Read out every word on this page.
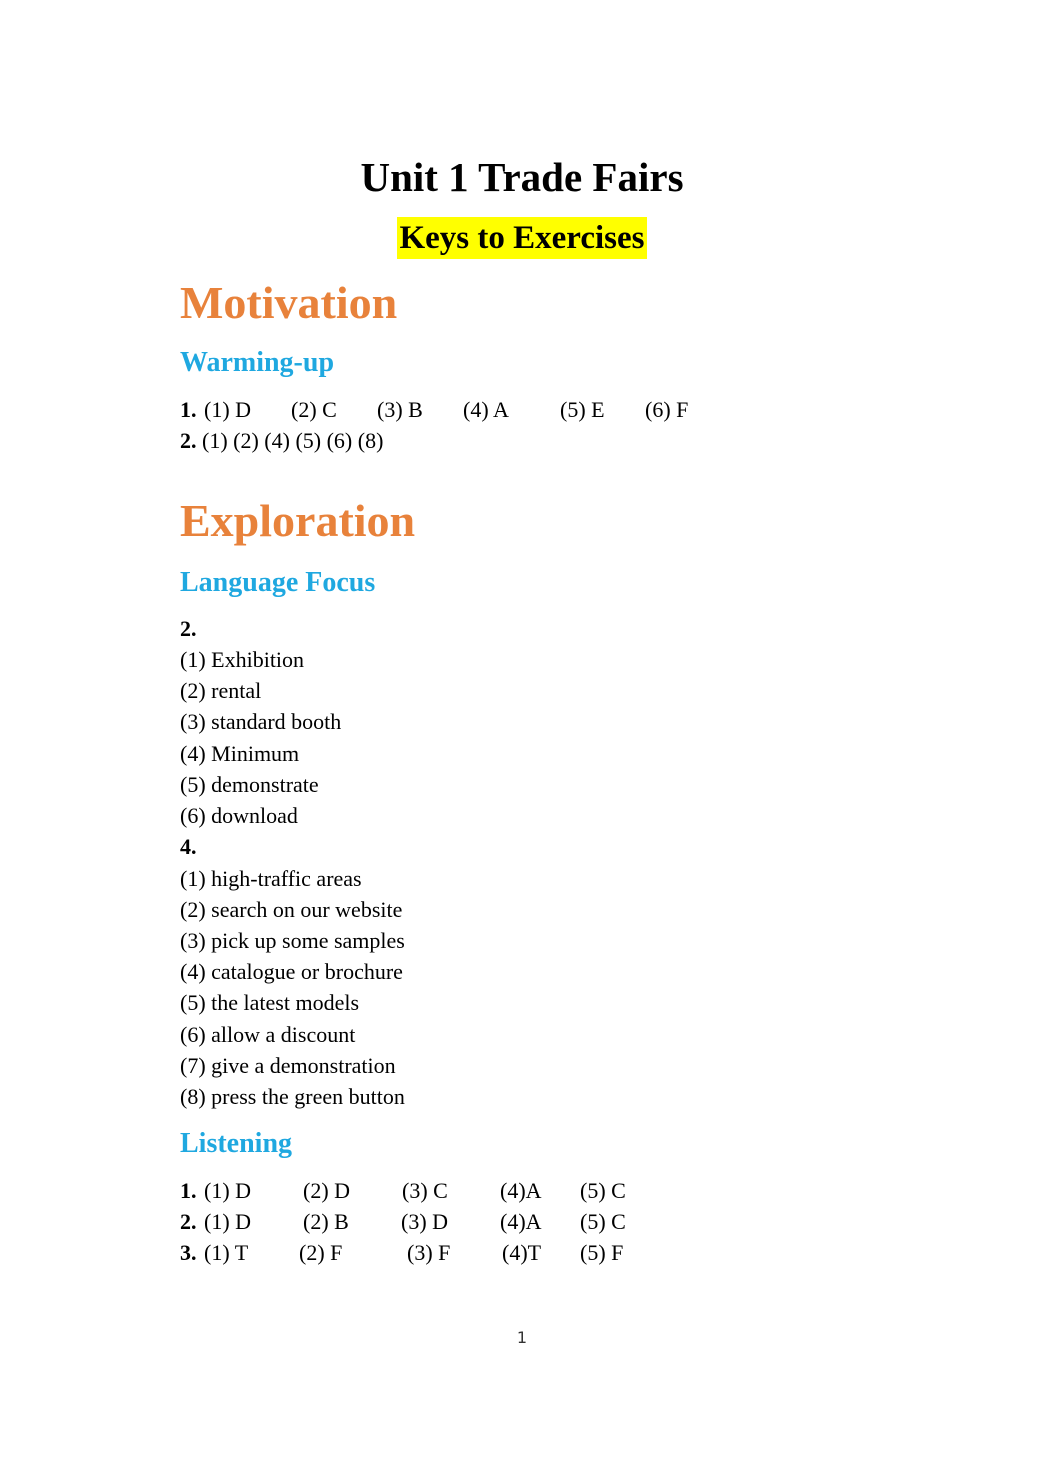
Unit 1 Trade Fairs
Keys to Exercises
Motivation
Warming-up
1. (1) D (2) C (3) B (4) A (5) E (6) F
2. (1) (2) (4) (5) (6) (8)
Exploration
Language Focus
2.
(1) Exhibition
(2) rental
(3) standard booth
(4) Minimum
(5) demonstrate
(6) download
4.
(1) high-traffic areas
(2) search on our website
(3) pick up some samples
(4) catalogue or brochure
(5) the latest models
(6) allow a discount
(7) give a demonstration
(8) press the green button
Listening
1. (1) D (2) D (3) C (4)A (5) C
2. (1) D (2) B (3) D (4)A (5) C
3. (1) T (2) F	(3) F (4)T (5) F
1
